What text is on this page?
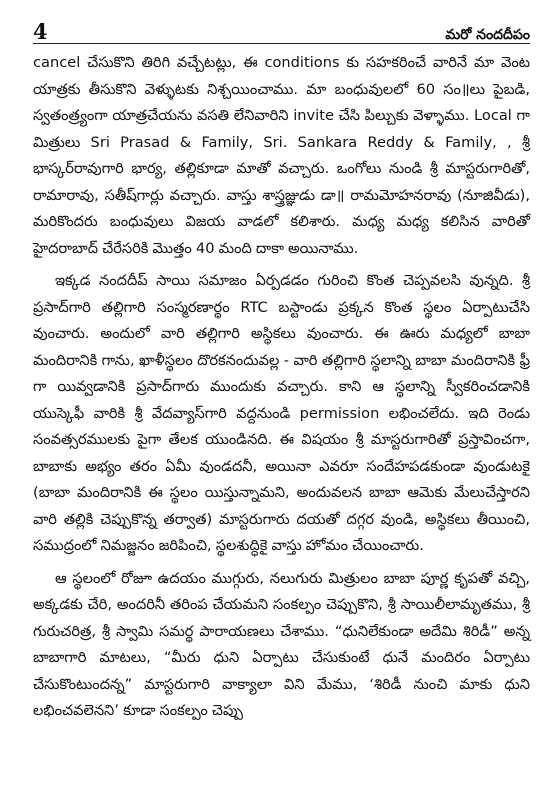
4	మరో నందదీపం

cancel చేసుకొని తిరిగి వచ్చేటట్లు, ఈ conditions కు సహకరించే వారినే మా వెంట యాత్రకు తీసుకొని వెళ్ళుటకు నిశ్చయించాము. మా బంధువులలో 60 సం॥లు పైబడి, స్వతంత్ర్యంగా యాత్రచేయను వసతి లేనివారిని invite చేసి పిల్చుకు వెళ్ళాము. Local గా మిత్రులు Sri Prasad & Family, Sri. Sankara Reddy & Family, , శ్రీ భాస్కర్‌రావుగారి భార్య, తల్లికూడా మాతో వచ్చారు. ఒంగోలు నుండి శ్రీ మాస్టరుగారితో, రామారావు, సతీష్‌గార్లు వచ్చారు. వాస్తు శాస్త్రజ్ఞుడు డా॥ రామమోహనరావు (నూజివీడు), మరికొందరు బంధువులు విజయ వాడలో కలిశారు. మధ్య మధ్య కలిసిన వారితో హైదరాబాద్ చేరేసరికి మొత్తం 40 మంది దాకా అయినాము.

ఇక్కడ నందదీప్ సాయి సమాజం ఏర్పడడం గురించి కొంత చెప్పవలసి వున్నది. శ్రీ ప్రసాద్‌గారి తల్లిగారి సంస్మరణార్థం RTC బస్టాండు ప్రక్కన కొంత స్థలం ఏర్పాటుచేసి వుంచారు. అందులో వారి తల్లిగారి అస్థికలు వుంచారు. ఈ ఊరు మధ్యలో బాబా మందిరానికి గాను, ఖాళీస్థలం దొరకనందువల్ల - వారి తల్లిగారి స్థలాన్ని బాబా మందిరానికి ఫ్రీ గా యివ్వడానికి ప్రసాద్‌గారు ముందుకు వచ్చారు. కాని ఆ స్థలాన్ని స్వీకరించడానికి యుస్కెఫీ వారికి శ్రీ వేదవ్యాస్‌గారి వద్దనుండి permission లభించలేదు. ఇది రెండు సంవత్సరములకు పైగా తేలక యుండినది. ఈ విషయం శ్రీ మాస్టరుగారితో ప్రస్తావించగా, బాబాకు అభ్యం తరం ఏమీ వుండదనీ, అయినా ఎవరూ సందేహపడకుండా వుండుటకై (బాబా మందిరానికి ఈ స్థలం యిస్తున్నామని, అందువలన బాబా ఆమెకు మేలుచేస్తారని వారి తల్లికి చెప్పుకొన్న తర్వాత) మాస్టరుగారు దయతో దగ్గర వుండి, అస్థికలు తీయించి, సముద్రంలో నిమజ్జనం జరిపించి, స్థలశుద్ధికై వాస్తు హోమం చేయించారు.

ఆ స్థలంలో రోజూ ఉదయం ముగ్గురు, నలుగురు మిత్రులం బాబా పూర్ణ కృపతో వచ్చి, అక్కడకు చేరి, అందరినీ తరింప చేయమని సంకల్పం చెప్పుకొని, శ్రీ సాయిలీలామృతము, శ్రీ గురుచరిత్ర, శ్రీ స్వామి సమర్థ పారాయణలు చేశాము. “ధునిలేకుండా అదేమి శిరిడీ” అన్న బాబాగారి మాటలు, “మీరు ధుని ఏర్పాటు చేసుకుంటే ధునే మందిరం ఏర్పాటు చేసుకొంటుందన్న” మాస్టరుగారి వాక్యాలా విని మేము, ‘శిరిడీ నుంచి మాకు ధుని లభించవలెనని’ కూడా సంకల్పం చెప్పు
